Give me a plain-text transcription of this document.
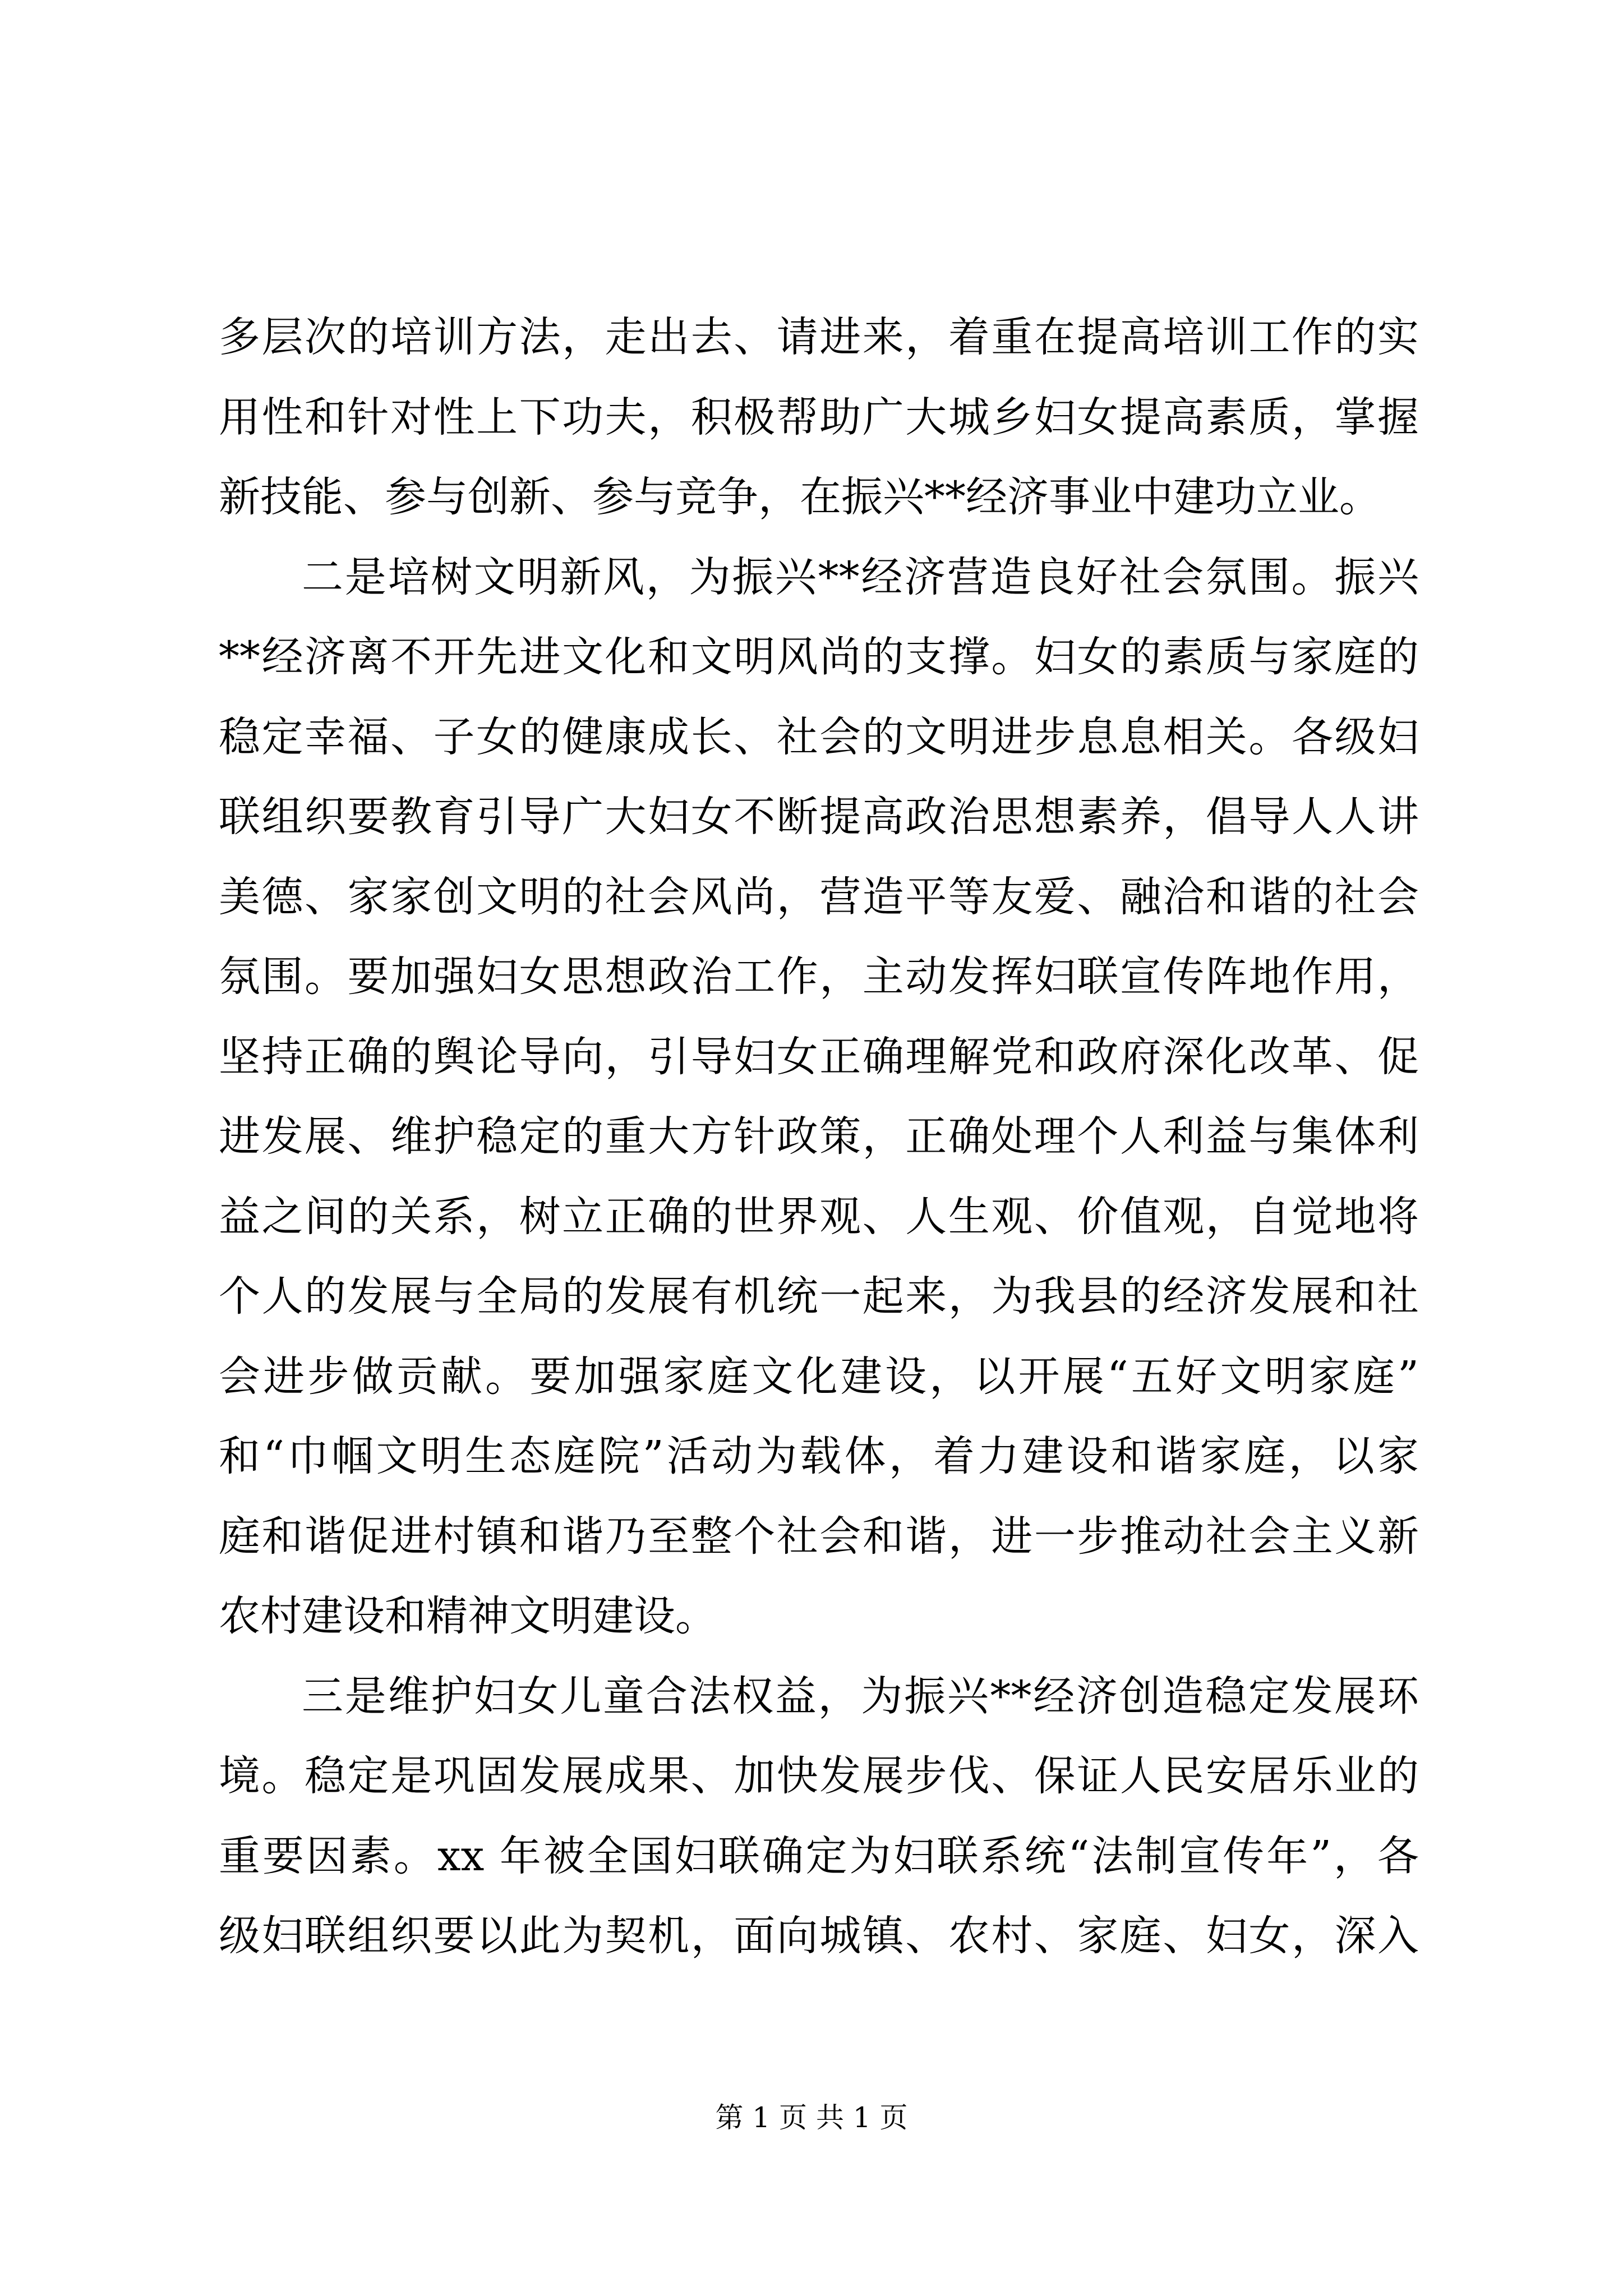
多层次的培训方法，走出去、请进来，着重在提高培训工作的实
用性和针对性上下功夫，积极帮助广大城乡妇女提高素质，掌握
新技能、参与创新、参与竞争，在振兴**经济事业中建功立业。
二是培树文明新风，为振兴**经济营造良好社会氛围。振兴
**经济离不开先进文化和文明风尚的支撑。妇女的素质与家庭的
稳定幸福、子女的健康成长、社会的文明进步息息相关。各级妇
联组织要教育引导广大妇女不断提高政治思想素养，倡导人人讲
美德、家家创文明的社会风尚，营造平等友爱、融洽和谐的社会
氛围。要加强妇女思想政治工作，主动发挥妇联宣传阵地作用，
坚持正确的舆论导向，引导妇女正确理解党和政府深化改革、促
进发展、维护稳定的重大方针政策，正确处理个人利益与集体利
益之间的关系，树立正确的世界观、人生观、价值观，自觉地将
个人的发展与全局的发展有机统一起来，为我县的经济发展和社
会进步做贡献。要加强家庭文化建设，以开展“五好文明家庭”
和“巾帼文明生态庭院”活动为载体，着力建设和谐家庭，以家
庭和谐促进村镇和谐乃至整个社会和谐，进一步推动社会主义新
农村建设和精神文明建设。
三是维护妇女儿童合法权益，为振兴**经济创造稳定发展环
境。稳定是巩固发展成果、加快发展步伐、保证人民安居乐业的
重要因素。xx 年被全国妇联确定为妇联系统“法制宣传年”，各
级妇联组织要以此为契机，面向城镇、农村、家庭、妇女，深入
第 1 页 共 1 页
